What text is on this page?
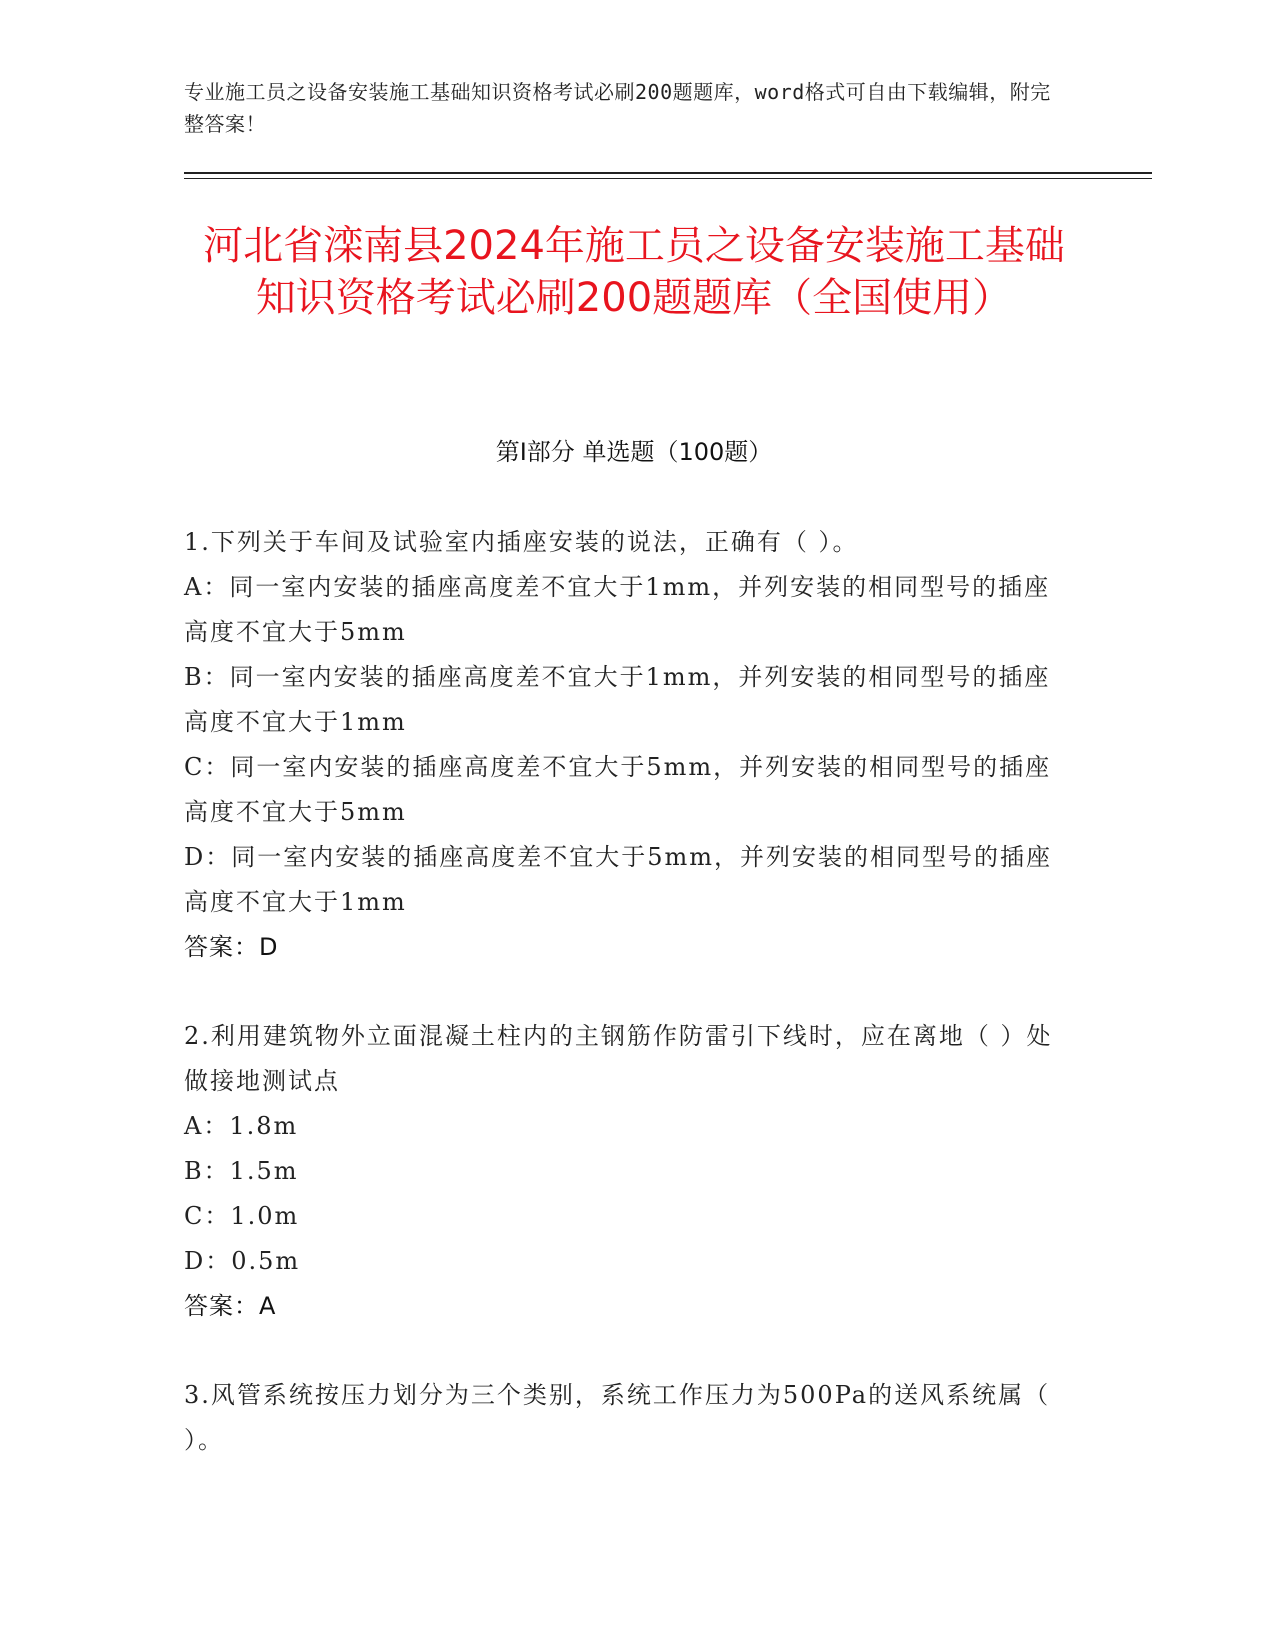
专业施工员之设备安装施工基础知识资格考试必刷200题题库，word格式可自由下载编辑，附完整答案！
河北省滦南县2024年施工员之设备安装施工基础知识资格考试必刷200题题库（全国使用）
第Ⅰ部分 单选题（100题）

1.下列关于车间及试验室内插座安装的说法，正确有（ ）。

A：同一室内安装的插座高度差不宜大于1mm，并列安装的相同型号的插座高度不宜大于5mm

B：同一室内安装的插座高度差不宜大于1mm，并列安装的相同型号的插座高度不宜大于1mm

C：同一室内安装的插座高度差不宜大于5mm，并列安装的相同型号的插座高度不宜大于5mm

D：同一室内安装的插座高度差不宜大于5mm，并列安装的相同型号的插座高度不宜大于1mm

答案：D

2.利用建筑物外立面混凝土柱内的主钢筋作防雷引下线时，应在离地（ ）处做接地测试点

A：1.8m

B：1.5m

C：1.0m

D：0.5m

答案：A

3.风管系统按压力划分为三个类别，系统工作压力为500Pa的送风系统属（ ）。
